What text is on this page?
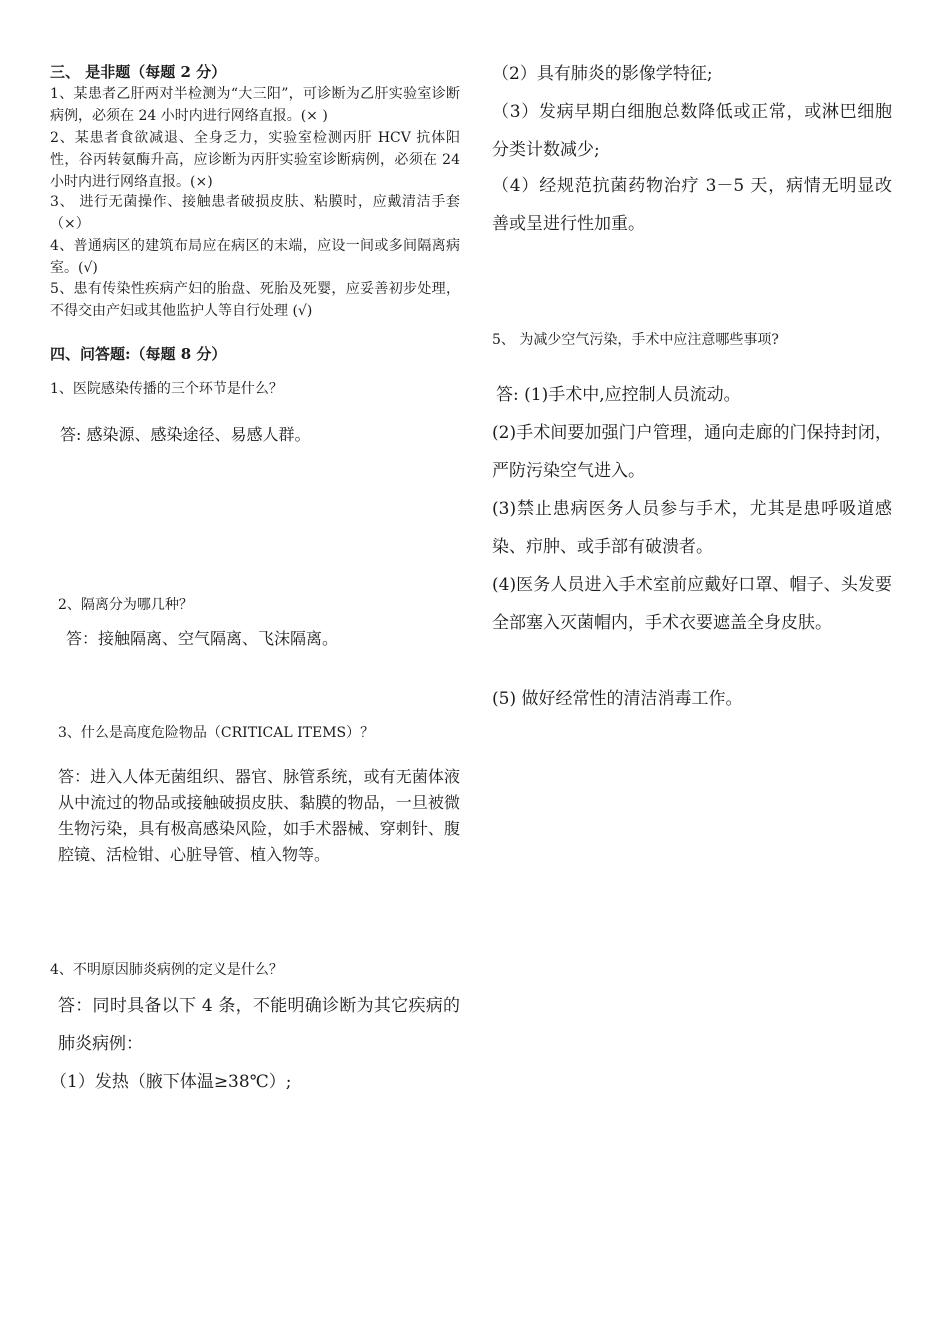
三、 是非题（每题 2 分）
1、某患者乙肝两对半检测为“大三阳”，可诊断为乙肝实验室诊断病例，必须在 24 小时内进行网络直报。(× )
2、某患者食欲减退、全身乏力，实验室检测丙肝 HCV 抗体阳性，谷丙转氨酶升高，应诊断为丙肝实验室诊断病例，必须在 24 小时内进行网络直报。(×)
3、 进行无菌操作、接触患者破损皮肤、粘膜时，应戴清洁手套（×）
4、普通病区的建筑布局应在病区的末端，应设一间或多间隔离病室。(√)
5、患有传染性疾病产妇的胎盘、死胎及死婴，应妥善初步处理，不得交由产妇或其他监护人等自行处理 (√)
四、问答题:（每题 8 分）
1、医院感染传播的三个环节是什么？
答: 感染源、感染途径、易感人群。
2、隔离分为哪几种？
答：接触隔离、空气隔离、飞沫隔离。
3、什么是高度危险物品（CRITICAL ITEMS）？
答：进入人体无菌组织、器官、脉管系统，或有无菌体液从中流过的物品或接触破损皮肤、黏膜的物品，一旦被微生物污染，具有极高感染风险，如手术器械、穿刺针、腹腔镜、活检钳、心脏导管、植入物等。
4、不明原因肺炎病例的定义是什么？
答：同时具备以下 4 条，不能明确诊断为其它疾病的肺炎病例：
（1）发热（腋下体温≥38℃）;
（2）具有肺炎的影像学特征;
（3）发病早期白细胞总数降低或正常，或淋巴细胞分类计数减少;
（4）经规范抗菌药物治疗 3－5 天，病情无明显改善或呈进行性加重。
5、 为减少空气污染，手术中应注意哪些事项?
答: (1)手术中,应控制人员流动。
(2)手术间要加强门户管理，通向走廊的门保持封闭，严防污染空气进入。
(3)禁止患病医务人员参与手术，尤其是患呼吸道感染、疖肿、或手部有破溃者。
(4)医务人员进入手术室前应戴好口罩、帽子、头发要全部塞入灭菌帽内，手术衣要遮盖全身皮肤。
(5) 做好经常性的清洁消毒工作。
